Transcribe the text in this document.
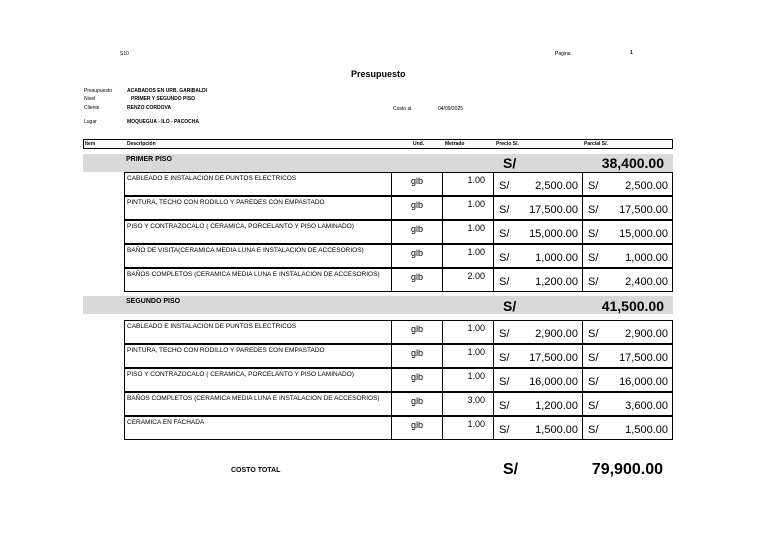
S10	Página	1
Presupuesto
Presupuesto	ACABADOS EN URB. GARIBALDI
Nivel	PRIMER Y SEGUNDO PISO
Cliente	RENZO CORDOVA	Costo al	04/09/2025
Lugar	MOQUEGUA - ILO - PACOCHA
Item	Descripción	Und.	Metrado	Precio S/.	Parcial S/.
PRIMER PISO	S/	38,400.00
CABLEADO E INSTALACION DE PUNTOS ELECTRICOS	glb	1.00 S/ 2,500.00 S/ 2,500.00
PINTURA, TECHO CON RODILLO Y PAREDES CON EMPASTADO	glb	1.00 S/ 17,500.00 S/ 17,500.00
PISO Y CONTRAZOCALO ( CERAMICA, PORCELANTO Y PISO LAMINADO)	glb	1.00 S/ 15,000.00 S/ 15,000.00
BAÑO DE VISITA(CERAMICA MEDIA LUNA E INSTALACION DE ACCESORIOS)	glb	1.00 S/ 1,000.00 S/ 1,000.00
BAÑOS COMPLETOS (CERAMICA MEDIA LUNA E INSTALACION DE ACCESORIOS)	glb	2.00 S/ 1,200.00 S/ 2,400.00
SEGUNDO PISO	S/	41,500.00
CABLEADO E INSTALACION DE PUNTOS ELECTRICOS	glb	1.00 S/ 2,900.00 S/ 2,900.00
PINTURA, TECHO CON RODILLO Y PAREDES CON EMPASTADO	glb	1.00 S/ 17,500.00 S/ 17,500.00
PISO Y CONTRAZOCALO ( CERAMICA, PORCELANTO Y PISO LAMINADO)	glb	1.00 S/ 16,000.00 S/ 16,000.00
BAÑOS COMPLETOS (CERAMICA MEDIA LUNA E INSTALACION DE ACCESORIOS)	glb	3.00 S/ 1,200.00 S/ 3,600.00
CERAMICA EN FACHADA	glb	1.00 S/ 1,500.00 S/ 1,500.00
COSTO TOTAL	S/	79,900.00
